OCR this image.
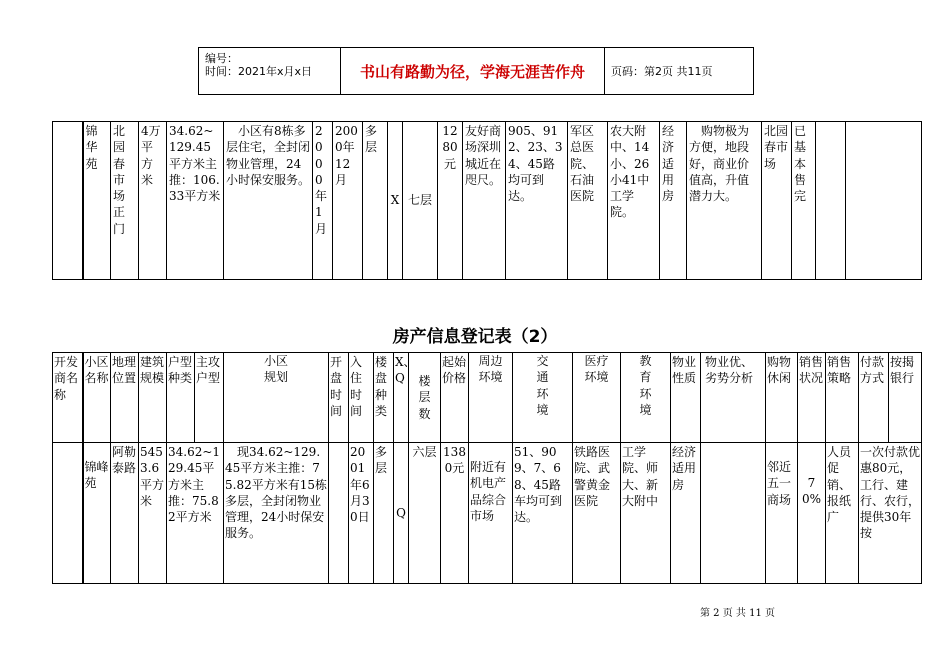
编号：
时间：2021年x月x日	书山有路勤为径，学海无涯苦作舟	页码：第2页 共11页
	锦华苑	北园春市场正门	4万平方米	34.62~129.45平方米主推：106.33平方米	　小区有8栋多层住宅，全封闭物业管理，24小时保安服务。	2000年1月	2000年12月	多层	X	七层	1280元	友好商场深圳城近在咫尺。	905、912、23、34、45路均可到达。	军区总医院、石油医院	农大附中、14小、26小41中工学院。	经济适用房	　购物极为方便，地段好，商业价值高，升值潜力大。	北园春市场	已基本售完		
房产信息登记表（2）
开发商名称	小区名称	地理位置	建筑规模	户型种类	主攻户型	小区规划	开盘时间	入住时间	楼盘种类	X、Q	楼层数	起始价格	周边环境	交通环境	医疗环境	教育环境	物业性质	物业优、劣势分析	购物休闲	销售状况	销售策略	付款方式	按揭银行
	锦峰苑	阿勒泰路	5453.6平方米	34.62~129.45平方米主推：75.82平方米		　现34.62~129.45平方米主推：75.82平方米有15栋多层，全封闭物业管理，24小时保安服务。		2001年6月30日	多层	Q	六层	1380元	附近有机电产品综合市场	51、909、7、68、45路车均可到达。	铁路医院、武警黄金医院	工学院、师大、新大附中	经济适用房		邻近五一商场	70%	人员促销、报纸广	一次付款优惠80元，工行、建行、农行，提供30年按	
第 2 页 共 11 页
